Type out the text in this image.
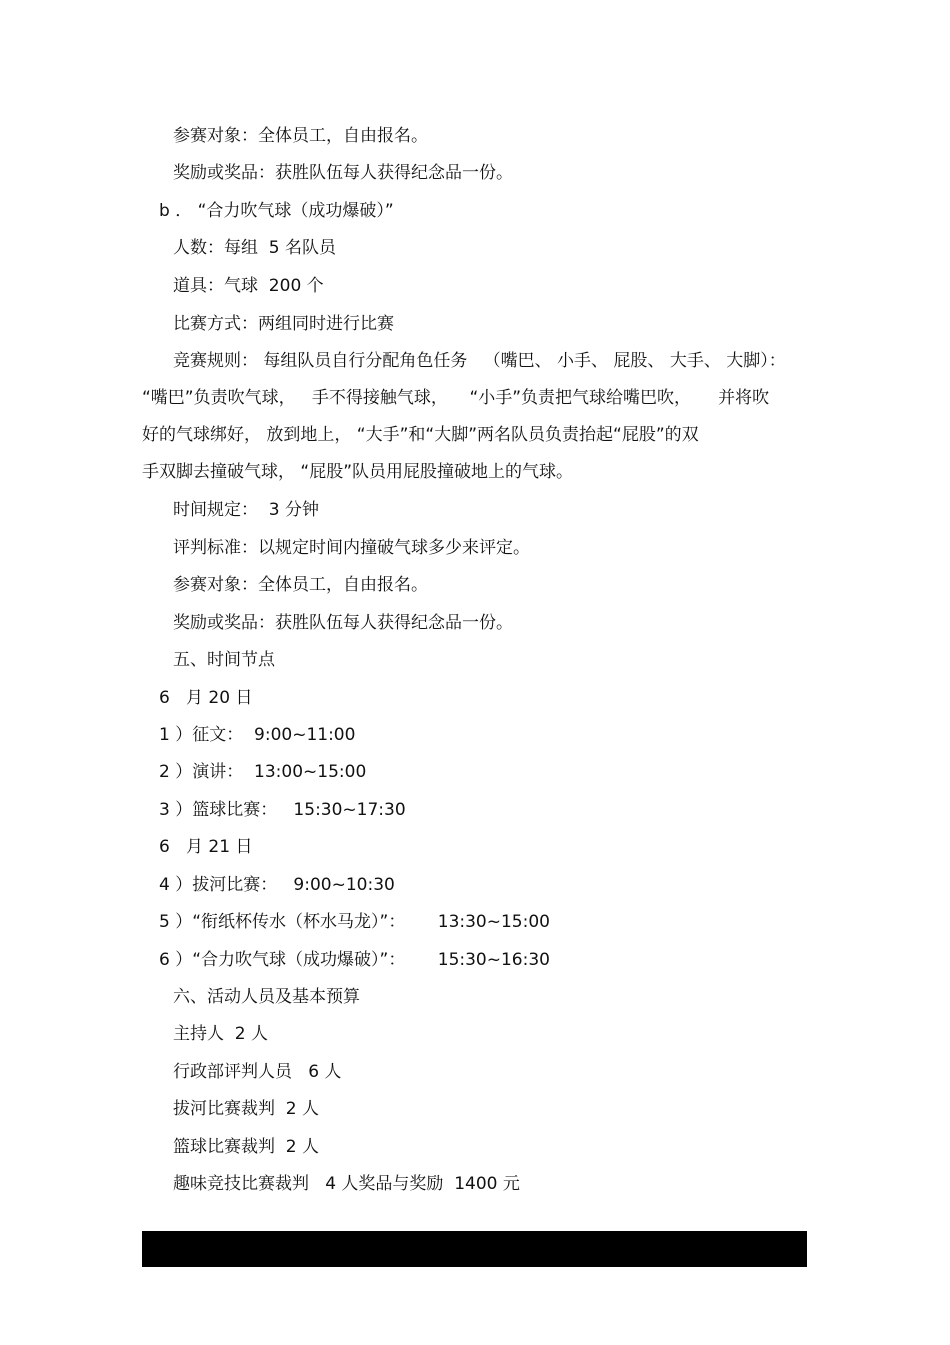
参赛对象：全体员工，自由报名。
奖励或奖品：获胜队伍每人获得纪念品一份。
b ． “合力吹气球（成功爆破）”
人数：每组  5 名队员
道具：气球  200 个
比赛方式：两组同时进行比赛
竞赛规则： 每组队员自行分配角色任务   （嘴巴、 小手、 屁股、 大手、 大脚）：
“嘴巴”负责吹气球，   手不得接触气球，    “小手”负责把气球给嘴巴吹，     并将吹
好的气球绑好， 放到地上， “大手”和“大脚”两名队员负责抬起“屁股”的双
手双脚去撞破气球， “屁股”队员用屁股撞破地上的气球。
时间规定：  3 分钟
评判标准：以规定时间内撞破气球多少来评定。
参赛对象：全体员工，自由报名。
奖励或奖品：获胜队伍每人获得纪念品一份。
五、时间节点
6   月 20 日
1 ）征文：  9:00~11:00
2 ）演讲：  13:00~15:00
3 ）篮球比赛：   15:30~17:30
6   月 21 日
4 ）拔河比赛：   9:00~10:30
5 ）“衔纸杯传水（杯水马龙）”：      13:30~15:00
6 ）“合力吹气球（成功爆破）”：      15:30~16:30
六、活动人员及基本预算
主持人  2 人
行政部评判人员   6 人
拔河比赛裁判  2 人
篮球比赛裁判  2 人
趣味竞技比赛裁判   4 人奖品与奖励  1400 元
